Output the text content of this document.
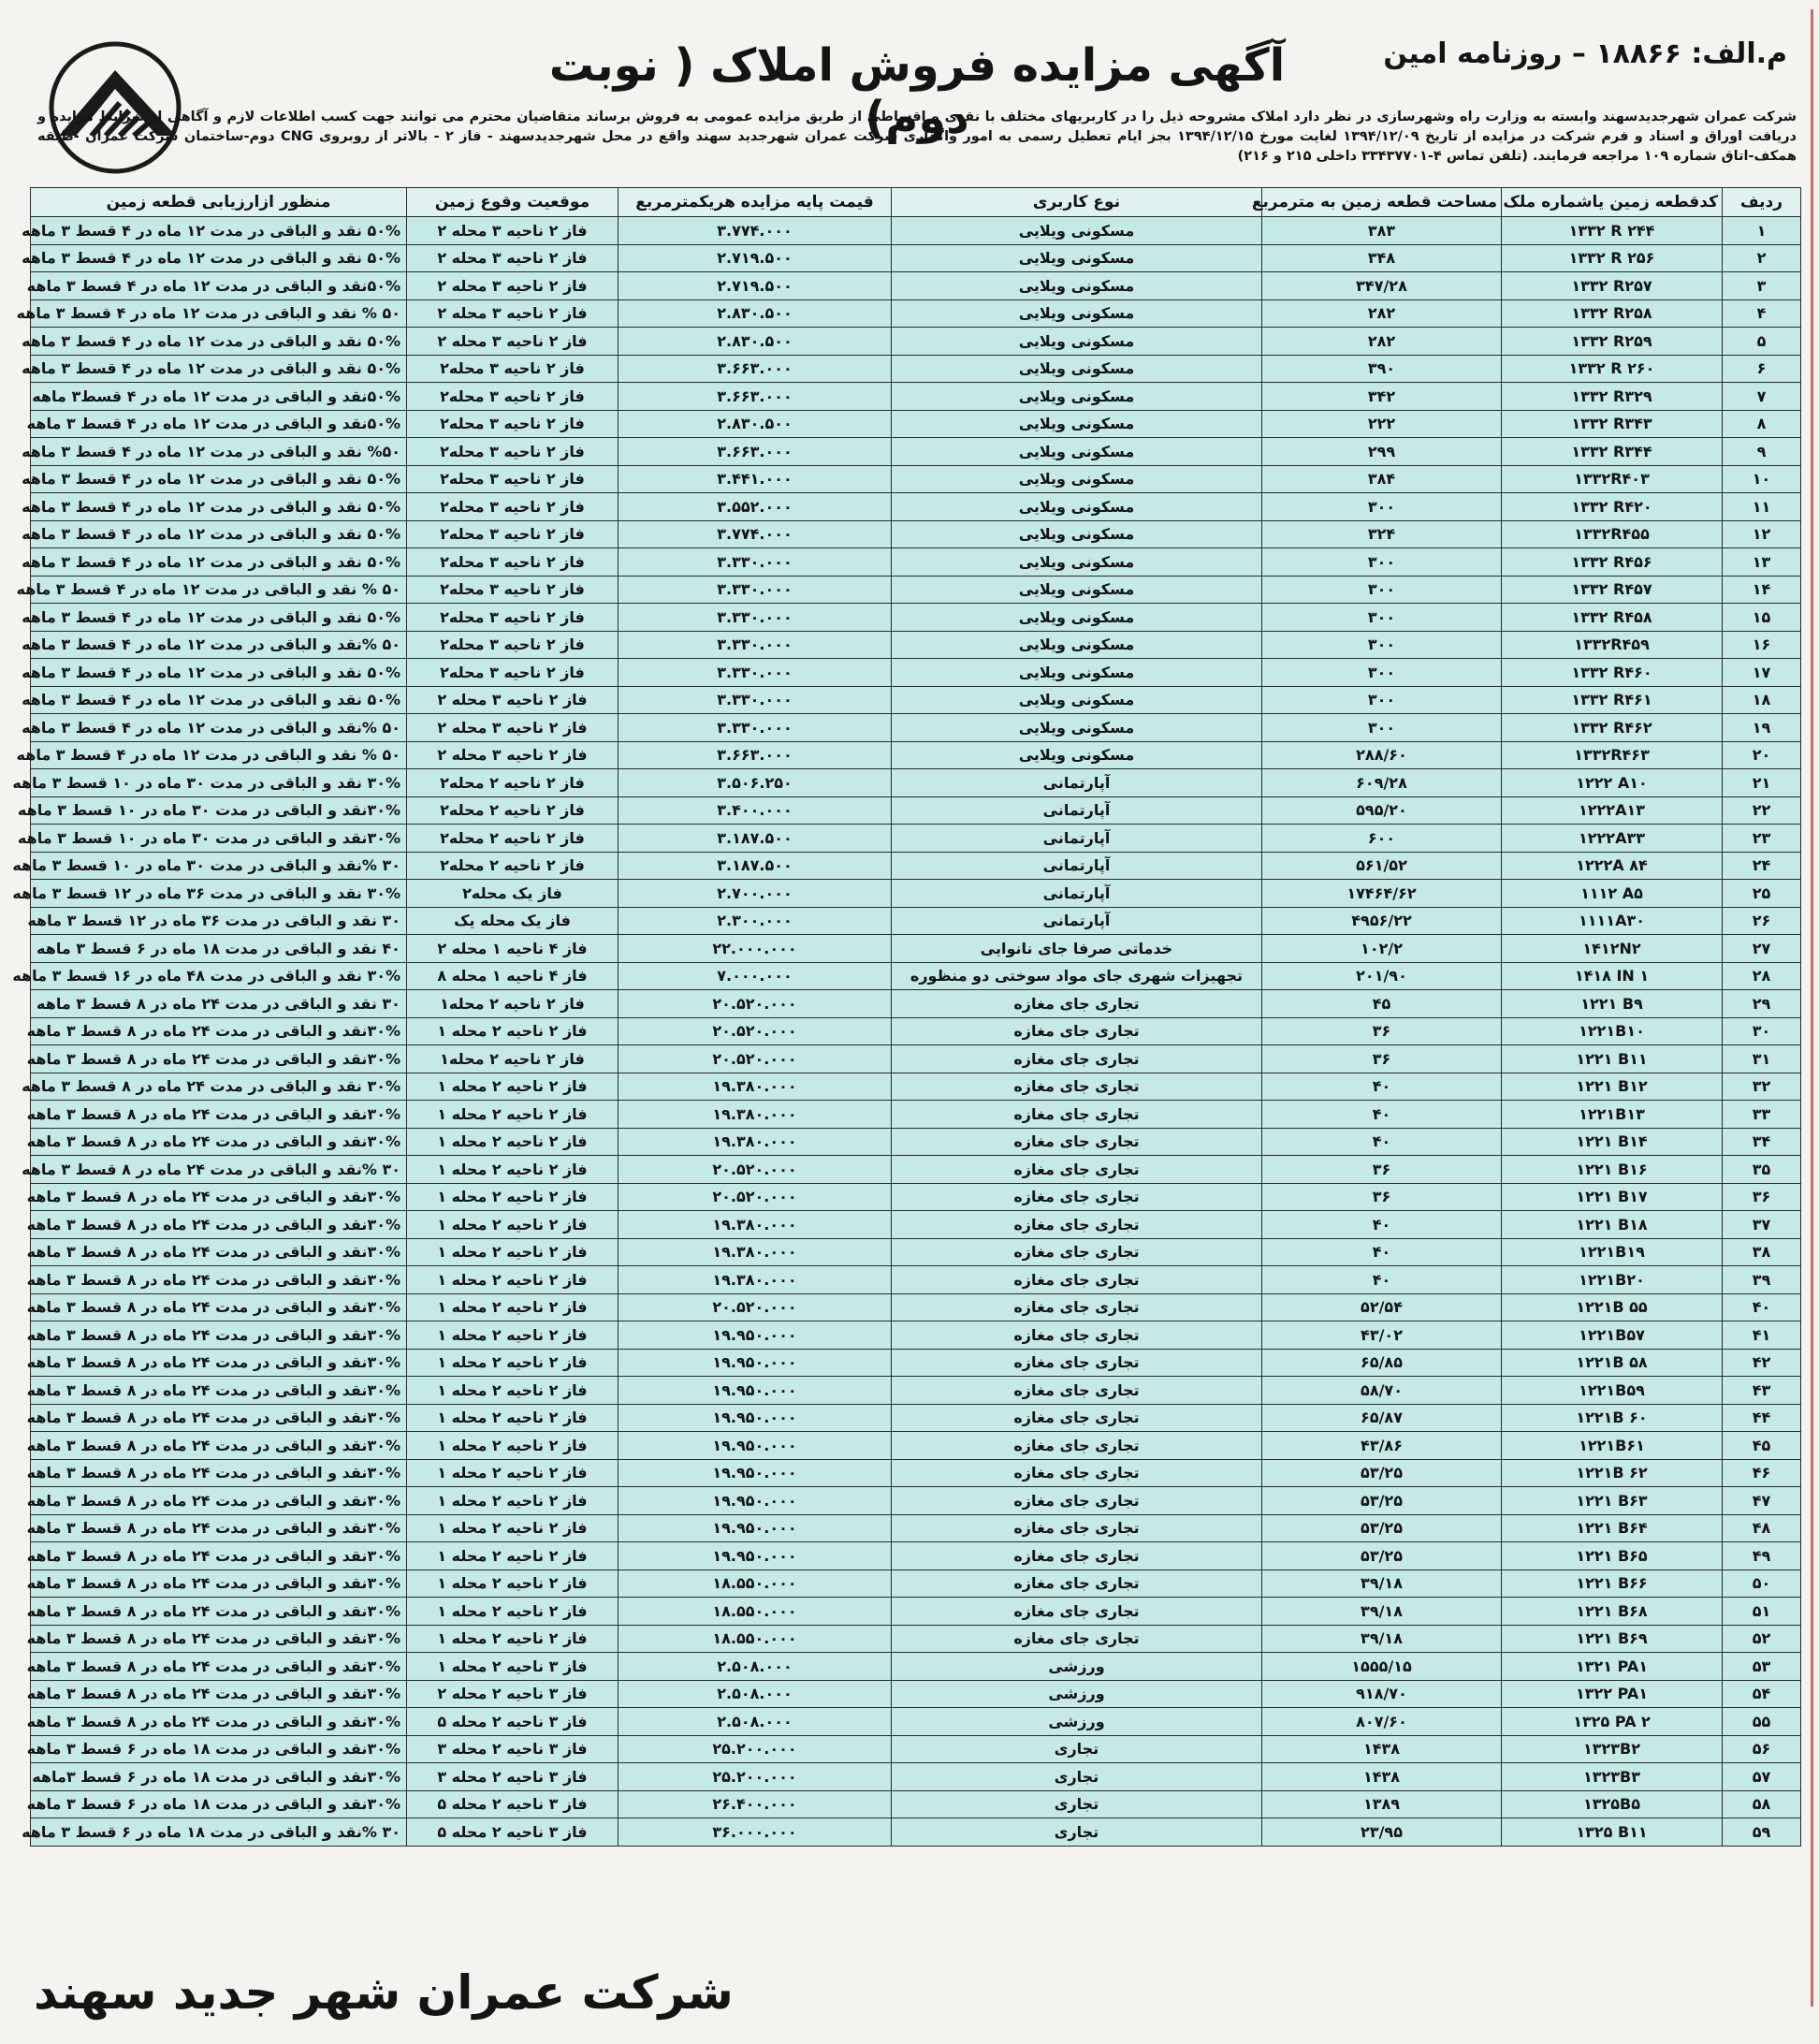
م.الف: ۱۸۸۶۶ – روزنامه امین
آگهی مزایده فروش املاک ( نوبت دوم)
شرکت عمران شهرجدیدسهند وابسته به وزارت راه وشهرسازی در نظر دارد املاک مشروحه ذیل را در کاربریهای مختلف با نقدی و اقساطی از طریق مزایده عمومی به فروش برساند متقاضیان محترم می توانند جهت کسب اطلاعات لازم و آگاهی از شرایط مزایده و دریافت اوراق و اسناد و فرم شرکت در مزایده از تاریخ ۱۳۹۴/۱۲/۰۹ لغایت مورخ ۱۳۹۴/۱۲/۱۵ بجز ایام تعطیل رسمی به امور واگذاری شرکت عمران شهرجدید سهند واقع در محل شهرجدیدسهند - فاز ۲ - بالاتر از روبروی CNG دوم-ساختمان شرکت عمران -طبقه همکف-اتاق شماره ۱۰۹ مراجعه فرمایند. (تلفن تماس ۴-۳۳۴۳۷۷۰۱ داخلی ۲۱۵ و ۲۱۶)
ردیف	کدقطعه زمین یاشماره ملک	مساحت قطعه زمین به مترمربع	نوع کاربری	قیمت پایه مزایده هریکمترمربع	موقعیت وقوع زمین	منظور ازارزیابی قطعه زمین
۱	۱۳۳۲ R ۲۴۴	۳۸۳	مسکونی ویلایی	۳.۷۷۴.۰۰۰	فاز ۲ ناحیه ۳ محله ۲	۵۰% نقد و الباقی در مدت ۱۲ ماه در ۴ قسط ۳ ماهه
۲	۱۳۳۲ R ۲۵۶	۳۴۸	مسکونی ویلایی	۲.۷۱۹.۵۰۰	فاز ۲ ناحیه ۳ محله ۲	۵۰% نقد و الباقی در مدت ۱۲ ماه در ۴ قسط ۳ ماهه
۳	۱۳۳۲ R۲۵۷	۳۴۷/۲۸	مسکونی ویلایی	۲.۷۱۹.۵۰۰	فاز ۲ ناحیه ۳ محله ۲	۵۰%نقد و الباقی در مدت ۱۲ ماه در ۴ قسط ۳ ماهه
۴	۱۳۳۲ R۲۵۸	۲۸۲	مسکونی ویلایی	۲.۸۳۰.۵۰۰	فاز ۲ ناحیه ۳ محله ۲	۵۰ % نقد و الباقی در مدت ۱۲ ماه در ۴ قسط ۳ ماهه
۵	۱۳۳۲ R۲۵۹	۲۸۲	مسکونی ویلایی	۲.۸۳۰.۵۰۰	فاز ۲ ناحیه ۳ محله ۲	۵۰% نقد و الباقی در مدت ۱۲ ماه در ۴ قسط ۳ ماهه
۶	۱۳۳۲ R ۲۶۰	۳۹۰	مسکونی ویلایی	۳.۶۶۳.۰۰۰	فاز ۲ ناحیه ۳ محله۲	۵۰% نقد و الباقی در مدت ۱۲ ماه در ۴ قسط ۳ ماهه
۷	۱۳۳۲ R۳۲۹	۳۴۲	مسکونی ویلایی	۳.۶۶۳.۰۰۰	فاز ۲ ناحیه ۳ محله۲	۵۰%نقد و الباقی در مدت ۱۲ ماه در ۴ قسط۳ ماهه
۸	۱۳۳۲ R۳۴۳	۲۲۲	مسکونی ویلایی	۲.۸۳۰.۵۰۰	فاز ۲ ناحیه ۳ محله۲	۵۰%نقد و الباقی در مدت ۱۲ ماه در ۴ قسط ۳ ماهه
۹	۱۳۳۲ R۳۴۴	۲۹۹	مسکونی ویلایی	۳.۶۶۳.۰۰۰	فاز ۲ ناحیه ۳ محله۲	%۵۰ نقد و الباقی در مدت ۱۲ ماه در ۴ قسط ۳ ماهه
۱۰	۱۳۳۲R۴۰۳	۳۸۴	مسکونی ویلایی	۳.۴۴۱.۰۰۰	فاز ۲ ناحیه ۳ محله۲	۵۰% نقد و الباقی در مدت ۱۲ ماه در ۴ قسط ۳ ماهه
۱۱	۱۳۳۲ R۴۲۰	۳۰۰	مسکونی ویلایی	۳.۵۵۲.۰۰۰	فاز ۲ ناحیه ۳ محله۲	۵۰% نقد و الباقی در مدت ۱۲ ماه در ۴ قسط ۳ ماهه
۱۲	۱۳۳۲R۴۵۵	۳۲۴	مسکونی ویلایی	۳.۷۷۴.۰۰۰	فاز ۲ ناحیه ۳ محله۲	۵۰% نقد و الباقی در مدت ۱۲ ماه در ۴ قسط ۳ ماهه
۱۳	۱۳۳۲ R۴۵۶	۳۰۰	مسکونی ویلایی	۳.۳۳۰.۰۰۰	فاز ۲ ناحیه ۳ محله۲	۵۰% نقد و الباقی در مدت ۱۲ ماه در ۴ قسط ۳ ماهه
۱۴	۱۳۳۲ R۴۵۷	۳۰۰	مسکونی ویلایی	۳.۳۳۰.۰۰۰	فاز ۲ ناحیه ۳ محله۲	۵۰ % نقد و الباقی در مدت ۱۲ ماه در ۴ قسط ۳ ماهه
۱۵	۱۳۳۲ R۴۵۸	۳۰۰	مسکونی ویلایی	۳.۳۳۰.۰۰۰	فاز ۲ ناحیه ۳ محله۲	۵۰% نقد و الباقی در مدت ۱۲ ماه در ۴ قسط ۳ ماهه
۱۶	۱۳۳۲R۴۵۹	۳۰۰	مسکونی ویلایی	۳.۳۳۰.۰۰۰	فاز ۲ ناحیه ۳ محله۲	۵۰ %نقد و الباقی در مدت ۱۲ ماه در ۴ قسط ۳ ماهه
۱۷	۱۳۳۲ R۴۶۰	۳۰۰	مسکونی ویلایی	۳.۳۳۰.۰۰۰	فاز ۲ ناحیه ۳ محله۲	۵۰% نقد و الباقی در مدت ۱۲ ماه در ۴ قسط ۳ ماهه
۱۸	۱۳۳۲ R۴۶۱	۳۰۰	مسکونی ویلایی	۳.۳۳۰.۰۰۰	فاز ۲ ناحیه ۳ محله ۲	۵۰% نقد و الباقی در مدت ۱۲ ماه در ۴ قسط ۳ ماهه
۱۹	۱۳۳۲ R۴۶۲	۳۰۰	مسکونی ویلایی	۳.۳۳۰.۰۰۰	فاز ۲ ناحیه ۳ محله ۲	۵۰ %نقد و الباقی در مدت ۱۲ ماه در ۴ قسط ۳ ماهه
۲۰	۱۳۳۲R۴۶۳	۲۸۸/۶۰	مسکونی ویلایی	۳.۶۶۳.۰۰۰	فاز ۲ ناحیه ۳ محله ۲	۵۰ % نقد و الباقی در مدت ۱۲ ماه در ۴ قسط ۳ ماهه
۲۱	۱۲۲۲ A۱۰	۶۰۹/۲۸	آپارتمانی	۳.۵۰۶.۲۵۰	فاز ۲ ناحیه ۲ محله۲	۳۰% نقد و الباقی در مدت ۳۰ ماه در ۱۰ قسط ۳ ماهه
۲۲	۱۲۲۲A۱۳	۵۹۵/۲۰	آپارتمانی	۳.۴۰۰.۰۰۰	فاز ۲ ناحیه ۲ محله۲	۳۰%نقد و الباقی در مدت ۳۰ ماه در ۱۰ قسط ۳ ماهه
۲۳	۱۲۲۲A۳۳	۶۰۰	آپارتمانی	۳.۱۸۷.۵۰۰	فاز ۲ ناحیه ۲ محله۲	۳۰%نقد و الباقی در مدت ۳۰ ماه در ۱۰ قسط ۳ ماهه
۲۴	۱۲۲۲A ۸۴	۵۶۱/۵۲	آپارتمانی	۳.۱۸۷.۵۰۰	فاز ۲ ناحیه ۲ محله۲	۳۰ %نقد و الباقی در مدت ۳۰ ماه در ۱۰ قسط ۳ ماهه
۲۵	۱۱۱۲ A۵	۱۷۴۶۴/۶۲	آپارتمانی	۲.۷۰۰.۰۰۰	فاز یک محله۲	۳۰% نقد و الباقی در مدت ۳۶ ماه در ۱۲ قسط ۳ ماهه
۲۶	۱۱۱۱A۳۰	۴۹۵۶/۲۲	آپارتمانی	۲.۳۰۰.۰۰۰	فاز یک محله یک	۳۰ نقد و الباقی در مدت ۳۶ ماه در ۱۲ قسط ۳ ماهه
۲۷	۱۴۱۲N۲	۱۰۲/۲	خدماتی صرفا جای نانوایی	۲۲.۰۰۰.۰۰۰	فاز ۴ ناحیه ۱ محله ۲	۴۰ نقد و الباقی در مدت ۱۸ ماه در ۶ قسط ۳ ماهه
۲۸	۱۴۱۸ IN ۱	۲۰۱/۹۰	تجهیزات شهری جای مواد سوختی دو منظوره	۷.۰۰۰.۰۰۰	فاز ۴ ناحیه ۱ محله ۸	۳۰% نقد و الباقی در مدت ۴۸ ماه در ۱۶ قسط ۳ ماهه
۲۹	۱۲۲۱ B۹	۴۵	تجاری جای مغازه	۲۰.۵۲۰.۰۰۰	فاز ۲ ناحیه ۲ محله۱	۳۰ نقد و الباقی در مدت ۲۴ ماه در ۸ قسط ۳ ماهه
۳۰	۱۲۲۱B۱۰	۳۶	تجاری جای مغازه	۲۰.۵۲۰.۰۰۰	فاز ۲ ناحیه ۲ محله ۱	۳۰%نقد و الباقی در مدت ۲۴ ماه در ۸ قسط ۳ ماهه
۳۱	۱۲۲۱ B۱۱	۳۶	تجاری جای مغازه	۲۰.۵۲۰.۰۰۰	فاز ۲ ناحیه ۲ محله۱	۳۰%نقد و الباقی در مدت ۲۴ ماه در ۸ قسط ۳ ماهه
۳۲	۱۲۲۱ B۱۲	۴۰	تجاری جای مغازه	۱۹.۳۸۰.۰۰۰	فاز ۲ ناحیه ۲ محله ۱	۳۰% نقد و الباقی در مدت ۲۴ ماه در ۸ قسط ۳ ماهه
۳۳	۱۲۲۱B۱۳	۴۰	تجاری جای مغازه	۱۹.۳۸۰.۰۰۰	فاز ۲ ناحیه ۲ محله ۱	۳۰%نقد و الباقی در مدت ۲۴ ماه در ۸ قسط ۳ ماهه
۳۴	۱۲۲۱ B۱۴	۴۰	تجاری جای مغازه	۱۹.۳۸۰.۰۰۰	فاز ۲ ناحیه ۲ محله ۱	۳۰%نقد و الباقی در مدت ۲۴ ماه در ۸ قسط ۳ ماهه
۳۵	۱۲۲۱ B۱۶	۳۶	تجاری جای مغازه	۲۰.۵۲۰.۰۰۰	فاز ۲ ناحیه ۲ محله ۱	۳۰ %نقد و الباقی در مدت ۲۴ ماه در ۸ قسط ۳ ماهه
۳۶	۱۲۲۱ B۱۷	۳۶	تجاری جای مغازه	۲۰.۵۲۰.۰۰۰	فاز ۲ ناحیه ۲ محله ۱	۳۰%نقد و الباقی در مدت ۲۴ ماه در ۸ قسط ۳ ماهه
۳۷	۱۲۲۱ B۱۸	۴۰	تجاری جای مغازه	۱۹.۳۸۰.۰۰۰	فاز ۲ ناحیه ۲ محله ۱	۳۰%نقد و الباقی در مدت ۲۴ ماه در ۸ قسط ۳ ماهه
۳۸	۱۲۲۱B۱۹	۴۰	تجاری جای مغازه	۱۹.۳۸۰.۰۰۰	فاز ۲ ناحیه ۲ محله ۱	۳۰%نقد و الباقی در مدت ۲۴ ماه در ۸ قسط ۳ ماهه
۳۹	۱۲۲۱B۲۰	۴۰	تجاری جای مغازه	۱۹.۳۸۰.۰۰۰	فاز ۲ ناحیه ۲ محله ۱	۳۰%نقد و الباقی در مدت ۲۴ ماه در ۸ قسط ۳ ماهه
۴۰	۱۲۲۱B ۵۵	۵۲/۵۴	تجاری جای مغازه	۲۰.۵۲۰.۰۰۰	فاز ۲ ناحیه ۲ محله ۱	۳۰%نقد و الباقی در مدت ۲۴ ماه در ۸ قسط ۳ ماهه
۴۱	۱۲۲۱B۵۷	۴۳/۰۲	تجاری جای مغازه	۱۹.۹۵۰.۰۰۰	فاز ۲ ناحیه ۲ محله ۱	۳۰%نقد و الباقی در مدت ۲۴ ماه در ۸ قسط ۳ ماهه
۴۲	۱۲۲۱B ۵۸	۶۵/۸۵	تجاری جای مغازه	۱۹.۹۵۰.۰۰۰	فاز ۲ ناحیه ۲ محله ۱	۳۰%نقد و الباقی در مدت ۲۴ ماه در ۸ قسط ۳ ماهه
۴۳	۱۲۲۱B۵۹	۵۸/۷۰	تجاری جای مغازه	۱۹.۹۵۰.۰۰۰	فاز ۲ ناحیه ۲ محله ۱	۳۰%نقد و الباقی در مدت ۲۴ ماه در ۸ قسط ۳ ماهه
۴۴	۱۲۲۱B ۶۰	۶۵/۸۷	تجاری جای مغازه	۱۹.۹۵۰.۰۰۰	فاز ۲ ناحیه ۲ محله ۱	۳۰%نقد و الباقی در مدت ۲۴ ماه در ۸ قسط ۳ ماهه
۴۵	۱۲۲۱B۶۱	۴۳/۸۶	تجاری جای مغازه	۱۹.۹۵۰.۰۰۰	فاز ۲ ناحیه ۲ محله ۱	۳۰%نقد و الباقی در مدت ۲۴ ماه در ۸ قسط ۳ ماهه
۴۶	۱۲۲۱B ۶۲	۵۳/۲۵	تجاری جای مغازه	۱۹.۹۵۰.۰۰۰	فاز ۲ ناحیه ۲ محله ۱	۳۰%نقد و الباقی در مدت ۲۴ ماه در ۸ قسط ۳ ماهه
۴۷	۱۲۲۱ B۶۳	۵۳/۲۵	تجاری جای مغازه	۱۹.۹۵۰.۰۰۰	فاز ۲ ناحیه ۲ محله ۱	۳۰%نقد و الباقی در مدت ۲۴ ماه در ۸ قسط ۳ ماهه
۴۸	۱۲۲۱ B۶۴	۵۳/۲۵	تجاری جای مغازه	۱۹.۹۵۰.۰۰۰	فاز ۲ ناحیه ۲ محله ۱	۳۰%نقد و الباقی در مدت ۲۴ ماه در ۸ قسط ۳ ماهه
۴۹	۱۲۲۱ B۶۵	۵۳/۲۵	تجاری جای مغازه	۱۹.۹۵۰.۰۰۰	فاز ۲ ناحیه ۲ محله ۱	۳۰%نقد و الباقی در مدت ۲۴ ماه در ۸ قسط ۳ ماهه
۵۰	۱۲۲۱ B۶۶	۳۹/۱۸	تجاری جای مغازه	۱۸.۵۵۰.۰۰۰	فاز ۲ ناحیه ۲ محله ۱	۳۰%نقد و الباقی در مدت ۲۴ ماه در ۸ قسط ۳ ماهه
۵۱	۱۲۲۱ B۶۸	۳۹/۱۸	تجاری جای مغازه	۱۸.۵۵۰.۰۰۰	فاز ۲ ناحیه ۲ محله ۱	۳۰%نقد و الباقی در مدت ۲۴ ماه در ۸ قسط ۳ ماهه
۵۲	۱۲۲۱ B۶۹	۳۹/۱۸	تجاری جای مغازه	۱۸.۵۵۰.۰۰۰	فاز ۲ ناحیه ۲ محله ۱	۳۰%نقد و الباقی در مدت ۲۴ ماه در ۸ قسط ۳ ماهه
۵۳	۱۳۲۱ PA۱	۱۵۵۵/۱۵	ورزشی	۲.۵۰۸.۰۰۰	فاز ۳ ناحیه ۲ محله ۱	۳۰%نقد و الباقی در مدت ۲۴ ماه در ۸ قسط ۳ ماهه
۵۴	۱۳۲۲ PA۱	۹۱۸/۷۰	ورزشی	۲.۵۰۸.۰۰۰	فاز ۳ ناحیه ۲ محله ۲	۳۰%نقد و الباقی در مدت ۲۴ ماه در ۸ قسط ۳ ماهه
۵۵	۱۳۲۵ PA ۲	۸۰۷/۶۰	ورزشی	۲.۵۰۸.۰۰۰	فاز ۳ ناحیه ۲ محله ۵	۳۰%نقد و الباقی در مدت ۲۴ ماه در ۸ قسط ۳ ماهه
۵۶	۱۳۲۳B۲	۱۴۳۸	تجاری	۲۵.۲۰۰.۰۰۰	فاز ۳ ناحیه ۲ محله ۳	۳۰%نقد و الباقی در مدت ۱۸ ماه در ۶ قسط ۳ ماهه
۵۷	۱۳۲۳B۳	۱۴۳۸	تجاری	۲۵.۲۰۰.۰۰۰	فاز ۳ ناحیه ۲ محله ۳	۳۰%نقد و الباقی در مدت ۱۸ ماه در ۶ قسط ۳ماهه
۵۸	۱۳۲۵B۵	۱۳۸۹	تجاری	۲۶.۴۰۰.۰۰۰	فاز ۳ ناحیه ۲ محله ۵	۳۰%نقد و الباقی در مدت ۱۸ ماه در ۶ قسط ۳ ماهه
۵۹	۱۳۲۵ B۱۱	۲۳/۹۵	تجاری	۳۶.۰۰۰.۰۰۰	فاز ۳ ناحیه ۲ محله ۵	۳۰ %نقد و الباقی در مدت ۱۸ ماه در ۶ قسط ۳ ماهه
شرکت عمران شهر جدید سهند
